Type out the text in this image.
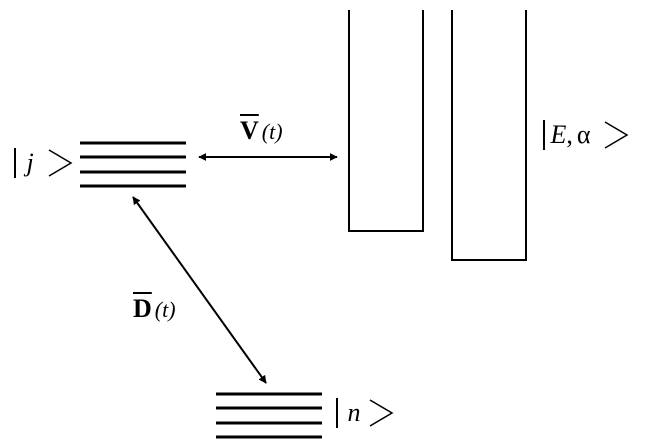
j
n
E , α
$\overline{V}$ (t)
$\overline{D}$ (t)
